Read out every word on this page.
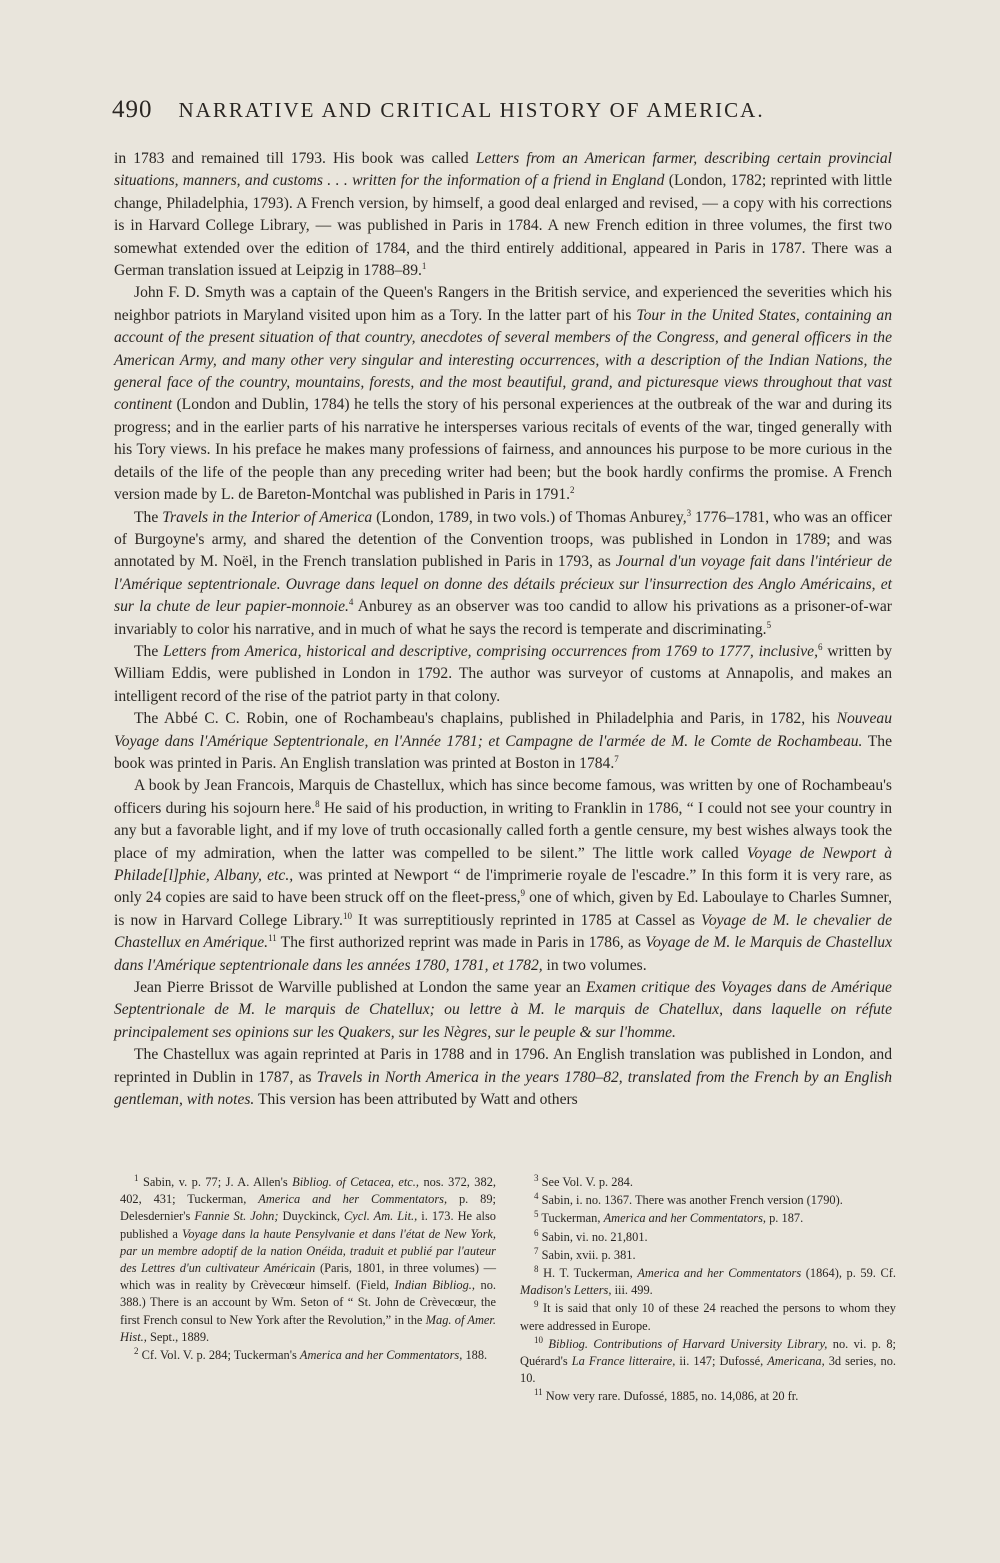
490 NARRATIVE AND CRITICAL HISTORY OF AMERICA.

in 1783 and remained till 1793. His book was called Letters from an American farmer, describing certain provincial situations, manners, and customs . . . written for the information of a friend in England (London, 1782; reprinted with little change, Philadelphia, 1793). A French version, by himself, a good deal enlarged and revised, — a copy with his corrections is in Harvard College Library, — was published in Paris in 1784. A new French edition in three volumes, the first two somewhat extended over the edition of 1784, and the third entirely additional, appeared in Paris in 1787. There was a German translation issued at Leipzig in 1788–89.$^1$

John F. D. Smyth was a captain of the Queen's Rangers in the British service, and experienced the severities which his neighbor patriots in Maryland visited upon him as a Tory. In the latter part of his Tour in the United States, containing an account of the present situation of that country, anecdotes of several members of the Congress, and general officers in the American Army, and many other very singular and interesting occurrences, with a description of the Indian Nations, the general face of the country, mountains, forests, and the most beautiful, grand, and picturesque views throughout that vast continent (London and Dublin, 1784) he tells the story of his personal experiences at the outbreak of the war and during its progress; and in the earlier parts of his narrative he intersperses various recitals of events of the war, tinged generally with his Tory views. In his preface he makes many professions of fairness, and announces his purpose to be more curious in the details of the life of the people than any preceding writer had been; but the book hardly confirms the promise. A French version made by L. de Bareton-Montchal was published in Paris in 1791.$^2$

The Travels in the Interior of America (London, 1789, in two vols.) of Thomas Anburey,$^3$ 1776–1781, who was an officer of Burgoyne's army, and shared the detention of the Convention troops, was published in London in 1789; and was annotated by M. Noël, in the French translation published in Paris in 1793, as Journal d'un voyage fait dans l'intérieur de l'Amérique septentrionale. Ouvrage dans lequel on donne des détails précieux sur l'insurrection des Anglo Américains, et sur la chute de leur papier-monnoie.$^4$ Anburey as an observer was too candid to allow his privations as a prisoner-of-war invariably to color his narrative, and in much of what he says the record is temperate and discriminating.$^5$

The Letters from America, historical and descriptive, comprising occurrences from 1769 to 1777, inclusive,$^6$ written by William Eddis, were published in London in 1792. The author was surveyor of customs at Annapolis, and makes an intelligent record of the rise of the patriot party in that colony.

The Abbé C. C. Robin, one of Rochambeau's chaplains, published in Philadelphia and Paris, in 1782, his Nouveau Voyage dans l'Amérique Septentrionale, en l'Année 1781; et Campagne de l'armée de M. le Comte de Rochambeau. The book was printed in Paris. An English translation was printed at Boston in 1784.$^7$

A book by Jean Francois, Marquis de Chastellux, which has since become famous, was written by one of Rochambeau's officers during his sojourn here.$^8$ He said of his production, in writing to Franklin in 1786, “ I could not see your country in any but a favorable light, and if my love of truth occasionally called forth a gentle censure, my best wishes always took the place of my admiration, when the latter was compelled to be silent.” The little work called Voyage de Newport à Philade[l]phie, Albany, etc., was printed at Newport “ de l'imprimerie royale de l'escadre.” In this form it is very rare, as only 24 copies are said to have been struck off on the fleet-press,$^9$ one of which, given by Ed. Laboulaye to Charles Sumner, is now in Harvard College Library.$^{10}$ It was surreptitiously reprinted in 1785 at Cassel as Voyage de M. le chevalier de Chastellux en Amérique.$^{11}$ The first authorized reprint was made in Paris in 1786, as Voyage de M. le Marquis de Chastellux dans l'Amérique septentrionale dans les années 1780, 1781, et 1782, in two volumes.

Jean Pierre Brissot de Warville published at London the same year an Examen critique des Voyages dans de Amérique Septentrionale de M. le marquis de Chatellux; ou lettre à M. le marquis de Chatellux, dans laquelle on réfute principalement ses opinions sur les Quakers, sur les Nègres, sur le peuple & sur l'homme.

The Chastellux was again reprinted at Paris in 1788 and in 1796. An English translation was published in London, and reprinted in Dublin in 1787, as Travels in North America in the years 1780–82, translated from the French by an English gentleman, with notes. This version has been attributed by Watt and others

$^1$ Sabin, v. p. 77; J. A. Allen's Bibliog. of Cetacea, etc., nos. 372, 382, 402, 431; Tuckerman, America and her Commentators, p. 89; Delesdernier's Fannie St. John; Duyckinck, Cycl. Am. Lit., i. 173. He also published a Voyage dans la haute Pensylvanie et dans l'état de New York, par un membre adoptif de la nation Onéida, traduit et publié par l'auteur des Lettres d'un cultivateur Américain (Paris, 1801, in three volumes) — which was in reality by Crèvecœur himself. (Field, Indian Bibliog., no. 388.) There is an account by Wm. Seton of “ St. John de Crèvecœur, the first French consul to New York after the Revolution,” in the Mag. of Amer. Hist., Sept., 1889.

$^2$ Cf. Vol. V. p. 284; Tuckerman's America and her Commentators, 188.

$^3$ See Vol. V. p. 284.

$^4$ Sabin, i. no. 1367. There was another French version (1790).

$^5$ Tuckerman, America and her Commentators, p. 187.

$^6$ Sabin, vi. no. 21,801.

$^7$ Sabin, xvii. p. 381.

$^8$ H. T. Tuckerman, America and her Commentators (1864), p. 59. Cf. Madison's Letters, iii. 499.

$^9$ It is said that only 10 of these 24 reached the persons to whom they were addressed in Europe.

$^{10}$ Bibliog. Contributions of Harvard University Library, no. vi. p. 8; Quérard's La France litteraire, ii. 147; Dufossé, Americana, 3d series, no. 10.

$^{11}$ Now very rare. Dufossé, 1885, no. 14,086, at 20 fr.
